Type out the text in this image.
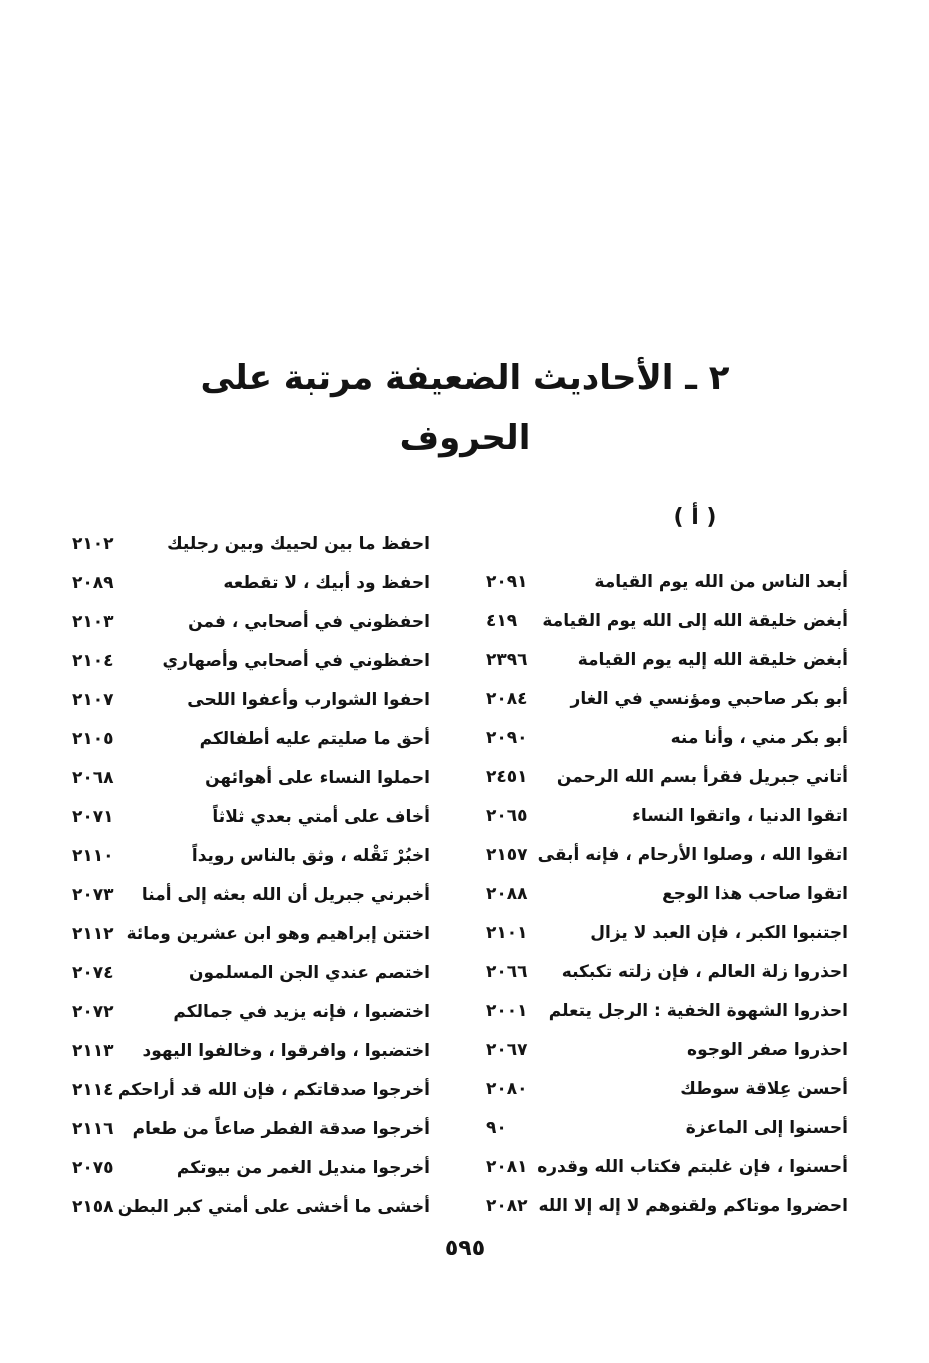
٢ ـ الأحاديث الضعيفة مرتبة على الحروف
( أ )
أبعد الناس من الله يوم القيامة
٢٠٩١
أبغض خليقة الله إلى الله يوم القيامة
٤١٩
أبغض خليقة الله إليه يوم القيامة
٢٣٩٦
أبو بكر صاحبي ومؤنسي في الغار
٢٠٨٤
أبو بكر مني ، وأنا منه
٢٠٩٠
أتاني جبريل فقرأ بسم الله الرحمن
٢٤٥١
اتقوا الدنيا ، واتقوا النساء
٢٠٦٥
اتقوا الله ، وصلوا الأرحام ، فإنه أبقى
٢١٥٧
اتقوا صاحب هذا الوجع
٢٠٨٨
اجتنبوا الكبر ، فإن العبد لا يزال
٢١٠١
احذروا زلة العالم ، فإن زلته تكبكبه
٢٠٦٦
احذروا الشهوة الخفية : الرجل يتعلم
٢٠٠١
احذروا صفر الوجوه
٢٠٦٧
أحسن عِلاقة سوطك
٢٠٨٠
أحسنوا إلى الماعزة
٩٠
أحسنوا ، فإن غلبتم فكتاب الله وقدره
٢٠٨١
احضروا موتاكم ولقنوهم لا إله إلا الله
٢٠٨٢
احفظ ما بين لحييك وبين رجليك
٢١٠٢
احفظ ود أبيك ، لا تقطعه
٢٠٨٩
احفظوني في أصحابي ، فمن
٢١٠٣
احفظوني في أصحابي وأصهاري
٢١٠٤
احفوا الشوارب وأعفوا اللحى
٢١٠٧
أحق ما صليتم عليه أطفالكم
٢١٠٥
احملوا النساء على أهوائهن
٢٠٦٨
أخاف على أمتي بعدي ثلاثاً
٢٠٧١
اخبُرْ تَقْله ، وثق بالناس رويداً
٢١١٠
أخبرني جبريل أن الله بعثه إلى أمنا
٢٠٧٣
اختتن إبراهيم وهو ابن عشرين ومائة
٢١١٢
اختصم عندي الجن المسلمون
٢٠٧٤
اختضبوا ، فإنه يزيد في جمالكم
٢٠٧٢
اختضبوا ، وافرقوا ، وخالفوا اليهود
٢١١٣
أخرجوا صدقاتكم ، فإن الله قد أراحكم
٢١١٤
أخرجوا صدقة الفطر صاعاً من طعام
٢١١٦
أخرجوا منديل الغمر من بيوتكم
٢٠٧٥
أخشى ما أخشى على أمتي كبر البطن
٢١٥٨
٥٩٥
